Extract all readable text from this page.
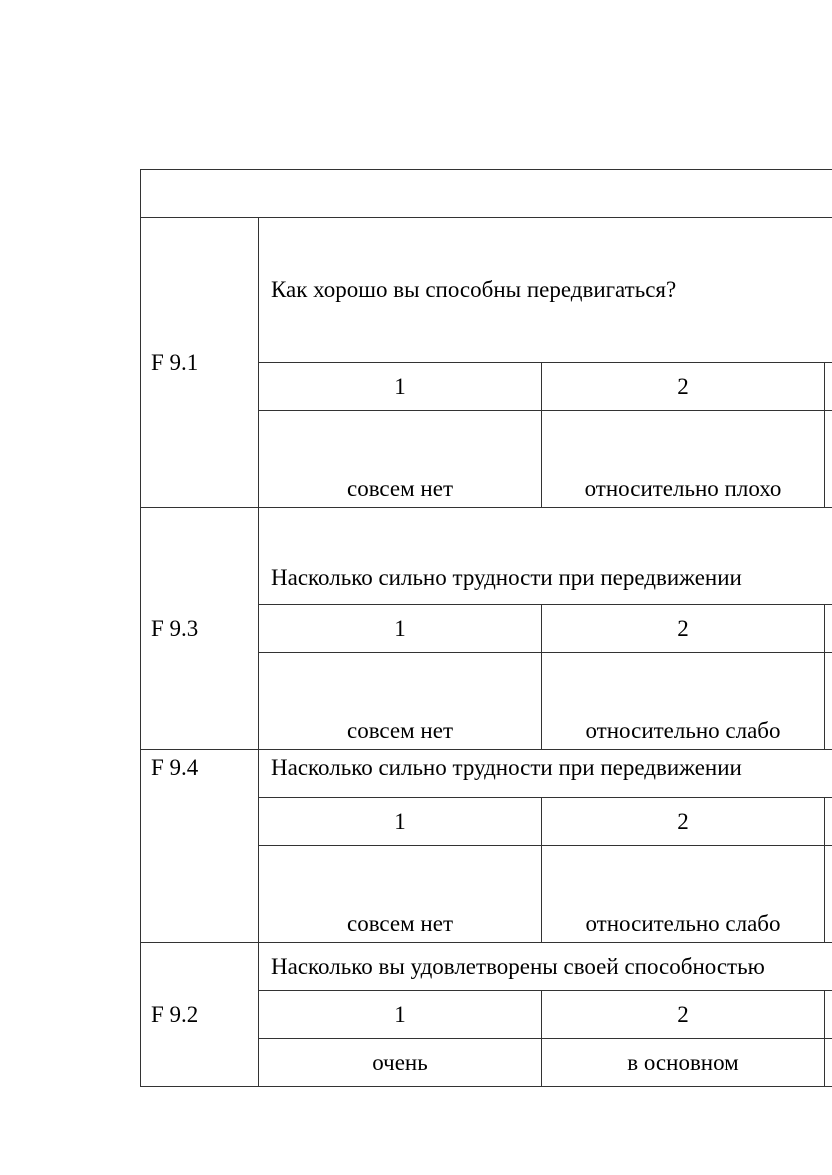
F 9.1	Как хорошо вы способны передвигаться?		
	1	2	
	совсем нет	относительно плохо	
F 9.3	Насколько сильно трудности при передвижении		
	1	2	
	совсем нет	относительно слабо	
F 9.4	Насколько сильно трудности при передвижении		
	1	2	
	совсем нет	относительно слабо	
F 9.2	Насколько вы удовлетворены своей способностью		
	1	2	
	очень	в основном	
